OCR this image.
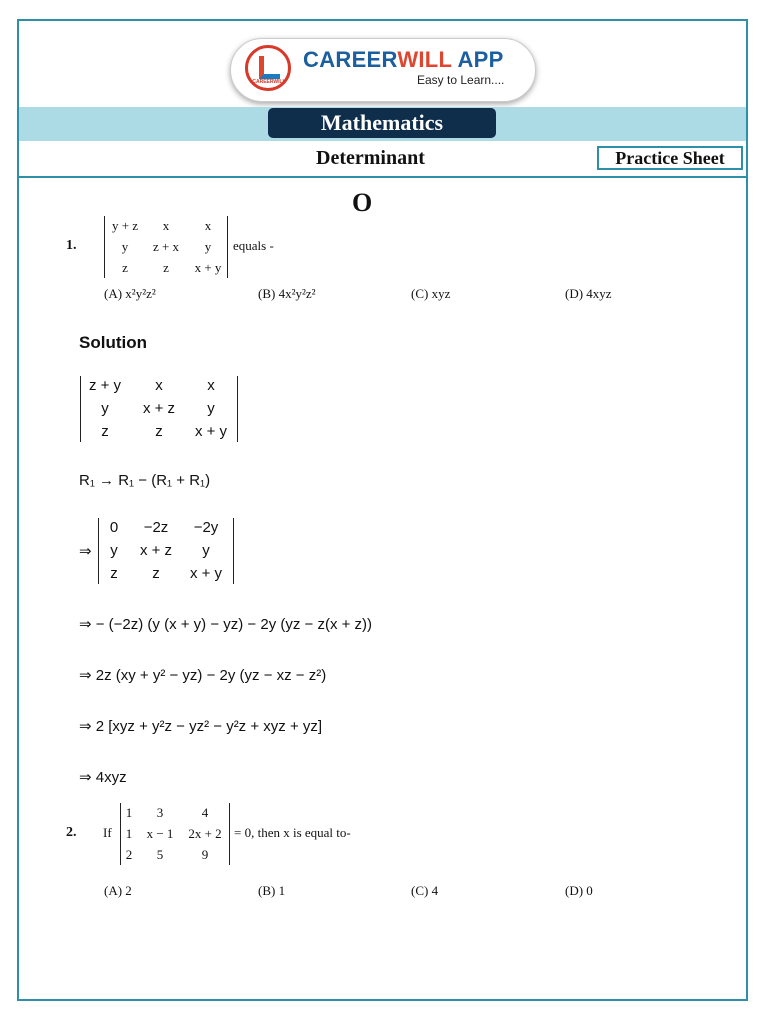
CAREERWILL
CAREERWILL APP
Easy to Learn....
Mathematics
Determinant	Practice Sheet
O
1.
y + z	x	x
y	z + x	y
z	z	x + y
equals -
(A) x²y²z²	(B) 4x²y²z²	(C) xyz	(D) 4xyz
Solution
z + y	x	x
y	x + z	y
z	z	x + y
R₁ → R₁ − (R₁ + R₁)
⇒
0	−2z	−2y
y	x + z	y
z	z	x + y
⇒ − (−2z) (y (x + y) − yz) − 2y (yz − z(x + z))
⇒ 2z (xy + y² − yz) − 2y (yz − xz − z²)
⇒ 2 [xyz + y²z − yz² − y²z + xyz + yz]
⇒ 4xyz
2. If
1	3	4
1	x − 1	2x + 2
2	5	9
= 0, then x is equal to-
(A) 2	(B) 1	(C) 4	(D) 0
